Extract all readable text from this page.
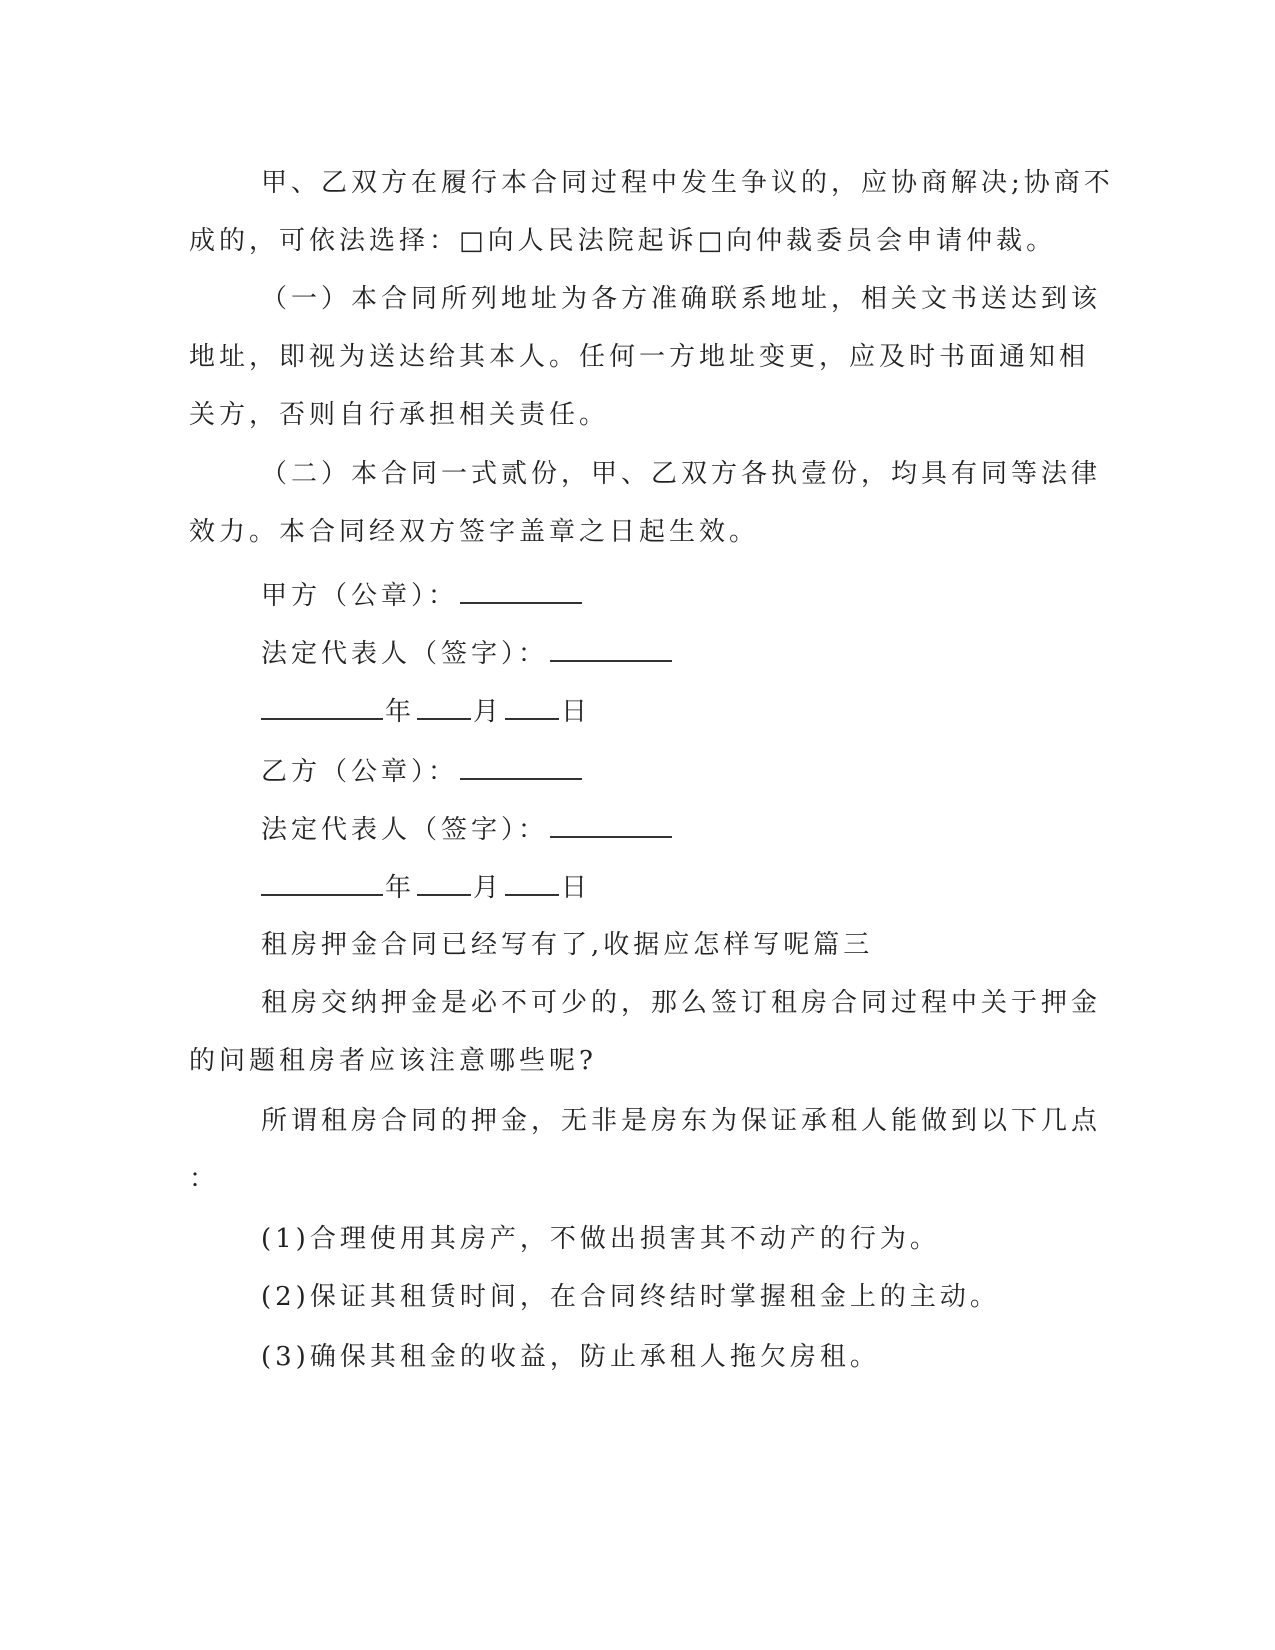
甲、乙双方在履行本合同过程中发生争议的，应协商解决;协商不
成的，可依法选择：□向人民法院起诉□向仲裁委员会申请仲裁。
（一）本合同所列地址为各方准确联系地址，相关文书送达到该
地址，即视为送达给其本人。任何一方地址变更，应及时书面通知相
关方，否则自行承担相关责任。
（二）本合同一式贰份，甲、乙双方各执壹份，均具有同等法律
效力。本合同经双方签字盖章之日起生效。
甲方（公章）：
法定代表人（签字）：
年 月 日
乙方（公章）：
法定代表人（签字）：
年 月 日
租房押金合同已经写有了,收据应怎样写呢篇三
租房交纳押金是必不可少的，那么签订租房合同过程中关于押金
的问题租房者应该注意哪些呢?
所谓租房合同的押金，无非是房东为保证承租人能做到以下几点
：
(1)合理使用其房产，不做出损害其不动产的行为。
(2)保证其租赁时间，在合同终结时掌握租金上的主动。
(3)确保其租金的收益，防止承租人拖欠房租。
